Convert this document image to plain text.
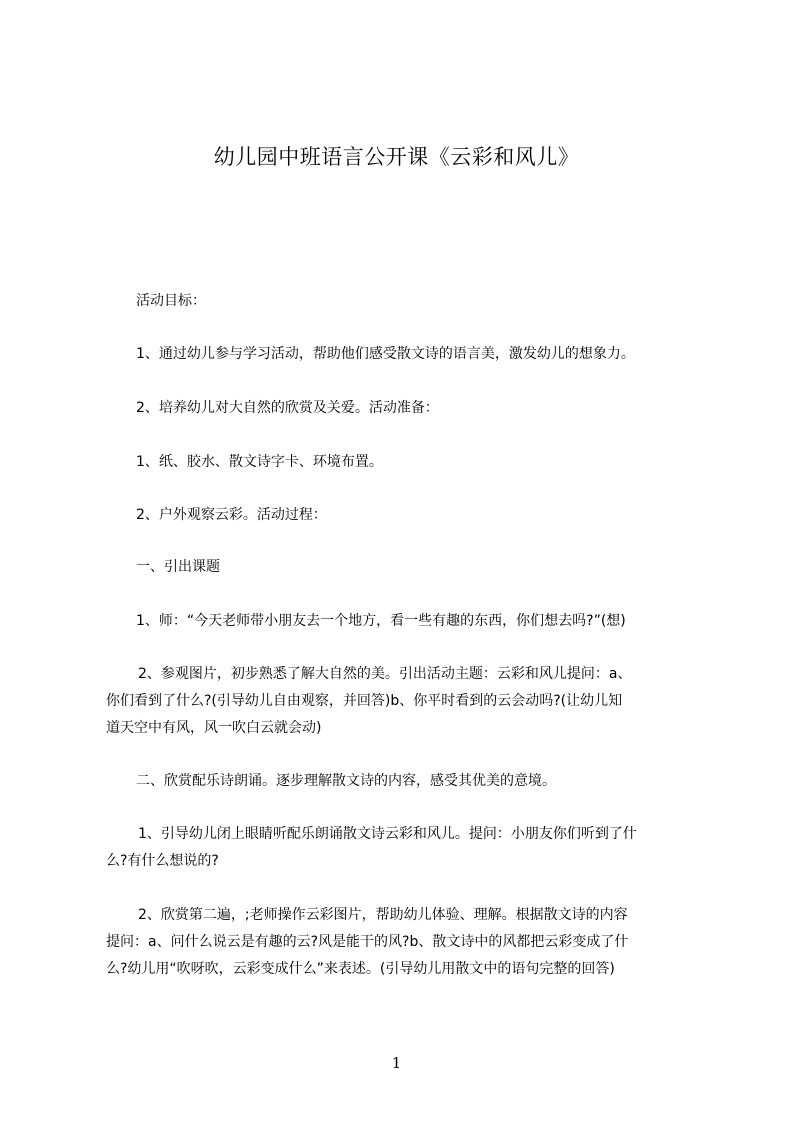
幼儿园中班语言公开课《云彩和风儿》
活动目标：
1、通过幼儿参与学习活动，帮助他们感受散文诗的语言美，激发幼儿的想象力。
2、培养幼儿对大自然的欣赏及关爱。活动准备：
1、纸、胶水、散文诗字卡、环境布置。
2、户外观察云彩。活动过程：
一、引出课题
1、师：“今天老师带小朋友去一个地方，看一些有趣的东西，你们想去吗?”(想)
2、参观图片，初步熟悉了解大自然的美。引出活动主题：云彩和风儿提问：a、
你们看到了什么?(引导幼儿自由观察，并回答)b、你平时看到的云会动吗?(让幼儿知
道天空中有风，风一吹白云就会动)
二、欣赏配乐诗朗诵。逐步理解散文诗的内容，感受其优美的意境。
1、引导幼儿闭上眼睛听配乐朗诵散文诗云彩和风儿。提问：小朋友你们听到了什
么?有什么想说的?
2、欣赏第二遍，;老师操作云彩图片，帮助幼儿体验、理解。根据散文诗的内容
提问：a、问什么说云是有趣的云?风是能干的风?b、散文诗中的风都把云彩变成了什
么?幼儿用“吹呀吹，云彩变成什么”来表述。(引导幼儿用散文中的语句完整的回答)
1
